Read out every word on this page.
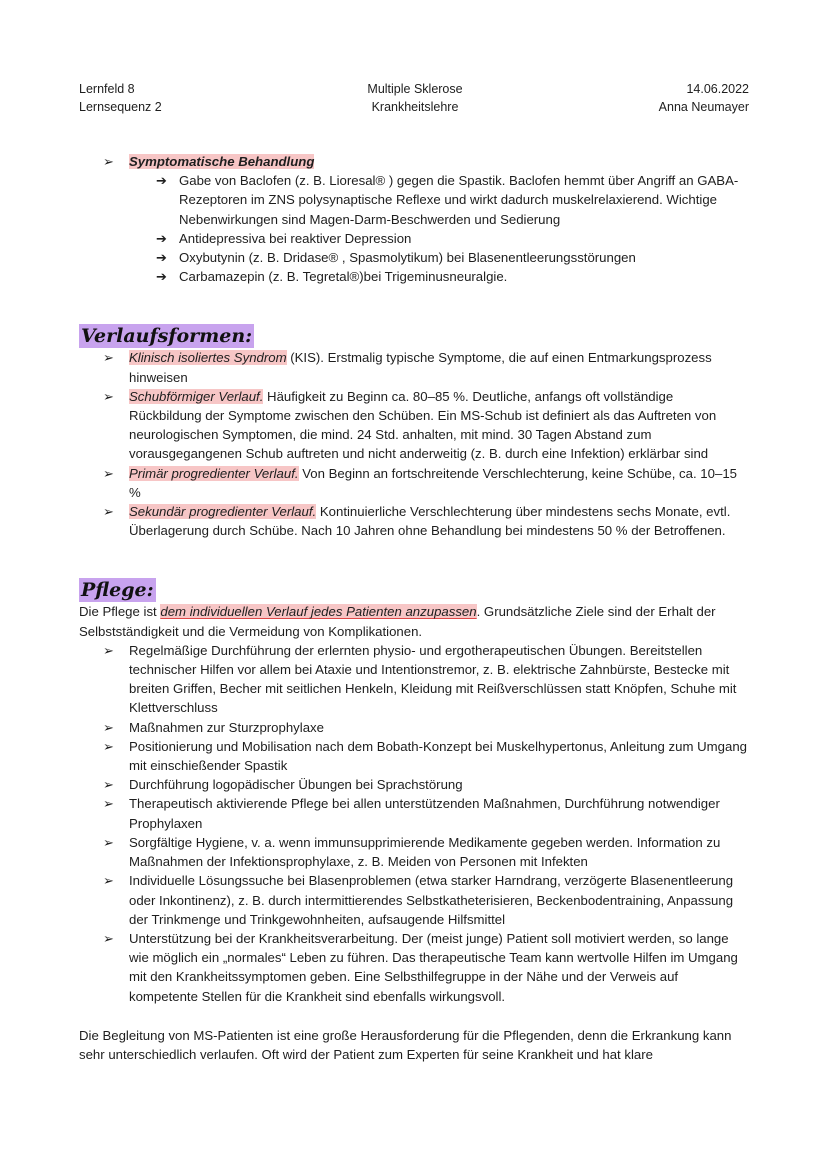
Lernfeld 8
Lernsequenz 2
Multiple Sklerose
Krankheitslehre
14.06.2022
Anna Neumayer
➢ Symptomatische Behandlung
➔ Gabe von Baclofen (z. B. Lioresal® ) gegen die Spastik. Baclofen hemmt über Angriff an GABA-Rezeptoren im ZNS polysynaptische Reflexe und wirkt dadurch muskelrelaxierend. Wichtige Nebenwirkungen sind Magen-Darm-Beschwerden und Sedierung
➔ Antidepressiva bei reaktiver Depression
➔ Oxybutynin (z. B. Dridase® , Spasmolytikum) bei Blasenentleerungsstörungen
➔ Carbamazepin (z. B. Tegretal®)bei Trigeminusneuralgie.
Verlaufsformen:
➢ Klinisch isoliertes Syndrom (KIS). Erstmalig typische Symptome, die auf einen Entmarkungsprozess hinweisen
➢ Schubförmiger Verlauf. Häufigkeit zu Beginn ca. 80–85 %. Deutliche, anfangs oft vollständige Rückbildung der Symptome zwischen den Schüben. Ein MS-Schub ist definiert als das Auftreten von neurologischen Symptomen, die mind. 24 Std. anhalten, mit mind. 30 Tagen Abstand zum vorausgegangenen Schub auftreten und nicht anderweitig (z. B. durch eine Infektion) erklärbar sind
➢ Primär progredienter Verlauf. Von Beginn an fortschreitende Verschlechterung, keine Schübe, ca. 10–15 %
➢ Sekundär progredienter Verlauf. Kontinuierliche Verschlechterung über mindestens sechs Monate, evtl. Überlagerung durch Schübe. Nach 10 Jahren ohne Behandlung bei mindestens 50 % der Betroffenen.
Pflege:

Die Pflege ist dem individuellen Verlauf jedes Patienten anzupassen. Grundsätzliche Ziele sind der Erhalt der Selbstständigkeit und die Vermeidung von Komplikationen.

➢ Regelmäßige Durchführung der erlernten physio- und ergotherapeutischen Übungen. Bereitstellen technischer Hilfen vor allem bei Ataxie und Intentionstremor, z. B. elektrische Zahnbürste, Bestecke mit breiten Griffen, Becher mit seitlichen Henkeln, Kleidung mit Reißverschlüssen statt Knöpfen, Schuhe mit Klettverschluss
➢ Maßnahmen zur Sturzprophylaxe
➢ Positionierung und Mobilisation nach dem Bobath-Konzept bei Muskelhypertonus, Anleitung zum Umgang mit einschießender Spastik
➢ Durchführung logopädischer Übungen bei Sprachstörung
➢ Therapeutisch aktivierende Pflege bei allen unterstützenden Maßnahmen, Durchführung notwendiger Prophylaxen
➢ Sorgfältige Hygiene, v. a. wenn immunsupprimierende Medikamente gegeben werden. Information zu Maßnahmen der Infektionsprophylaxe, z. B. Meiden von Personen mit Infekten
➢ Individuelle Lösungssuche bei Blasenproblemen (etwa starker Harndrang, verzögerte Blasenentleerung oder Inkontinenz), z. B. durch intermittierendes Selbstkatheterisieren, Beckenbodentraining, Anpassung der Trinkmenge und Trinkgewohnheiten, aufsaugende Hilfsmittel
➢ Unterstützung bei der Krankheitsverarbeitung. Der (meist junge) Patient soll motiviert werden, so lange wie möglich ein „normales“ Leben zu führen. Das therapeutische Team kann wertvolle Hilfen im Umgang mit den Krankheitssymptomen geben. Eine Selbsthilfegruppe in der Nähe und der Verweis auf kompetente Stellen für die Krankheit sind ebenfalls wirkungsvoll.

Die Begleitung von MS-Patienten ist eine große Herausforderung für die Pflegenden, denn die Erkrankung kann sehr unterschiedlich verlaufen. Oft wird der Patient zum Experten für seine Krankheit und hat klare
